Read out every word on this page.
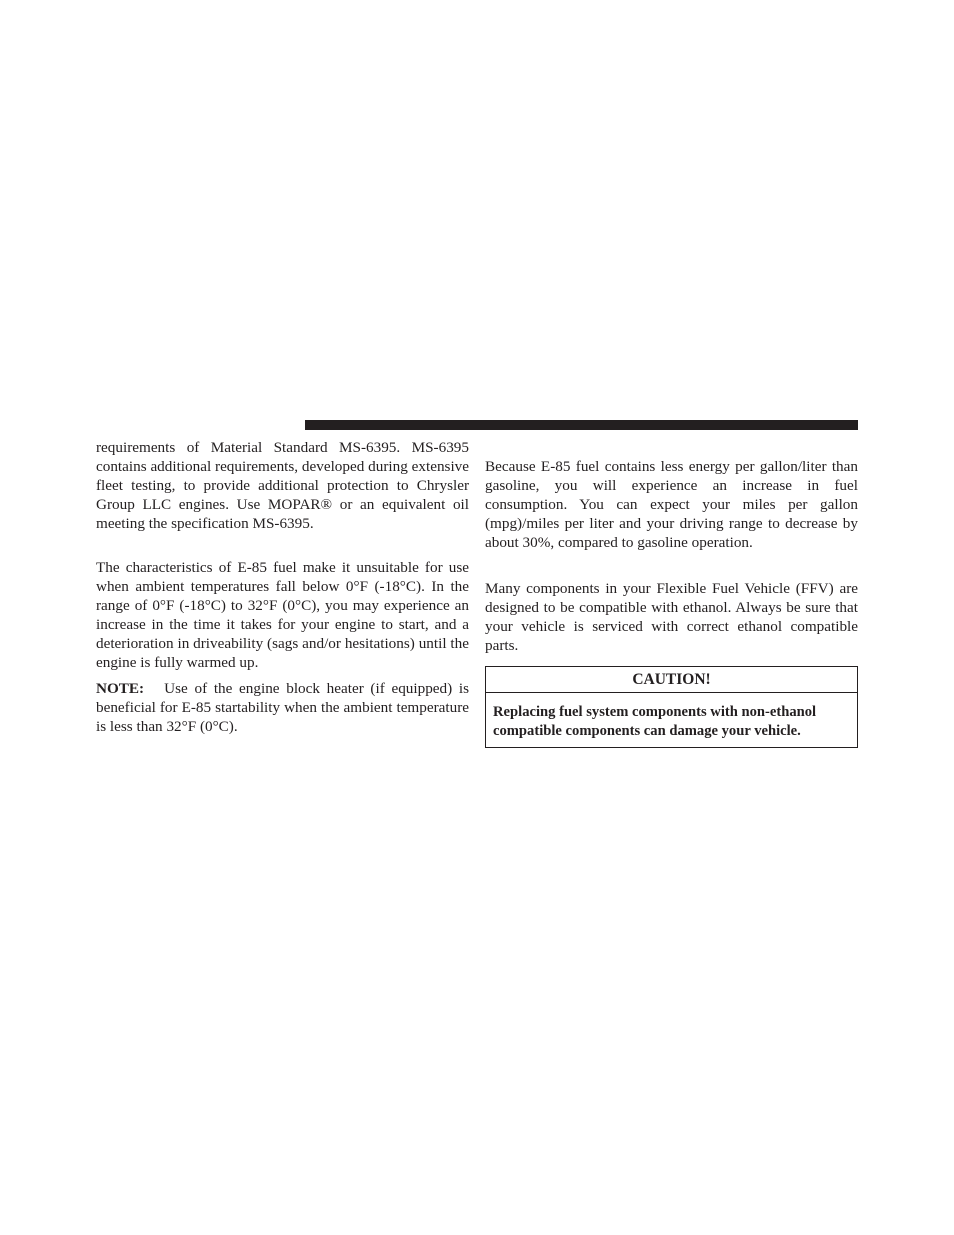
requirements of Material Standard MS-6395. MS-6395 contains additional requirements, developed during extensive fleet testing, to provide additional protection to Chrysler Group LLC engines. Use MOPAR® or an equivalent oil meeting the specification MS-6395.

The characteristics of E-85 fuel make it unsuitable for use when ambient temperatures fall below 0°F (-18°C). In the range of 0°F (-18°C) to 32°F (0°C), you may experience an increase in the time it takes for your engine to start, and a deterioration in driveability (sags and/or hesitations) until the engine is fully warmed up.

NOTE: Use of the engine block heater (if equipped) is beneficial for E-85 startability when the ambient temperature is less than 32°F (0°C).

Because E-85 fuel contains less energy per gallon/liter than gasoline, you will experience an increase in fuel consumption. You can expect your miles per gallon (mpg)/miles per liter and your driving range to decrease by about 30%, compared to gasoline operation.

Many components in your Flexible Fuel Vehicle (FFV) are designed to be compatible with ethanol. Always be sure that your vehicle is serviced with correct ethanol compatible parts.

CAUTION!
Replacing fuel system components with non-ethanol
compatible components can damage your vehicle.
